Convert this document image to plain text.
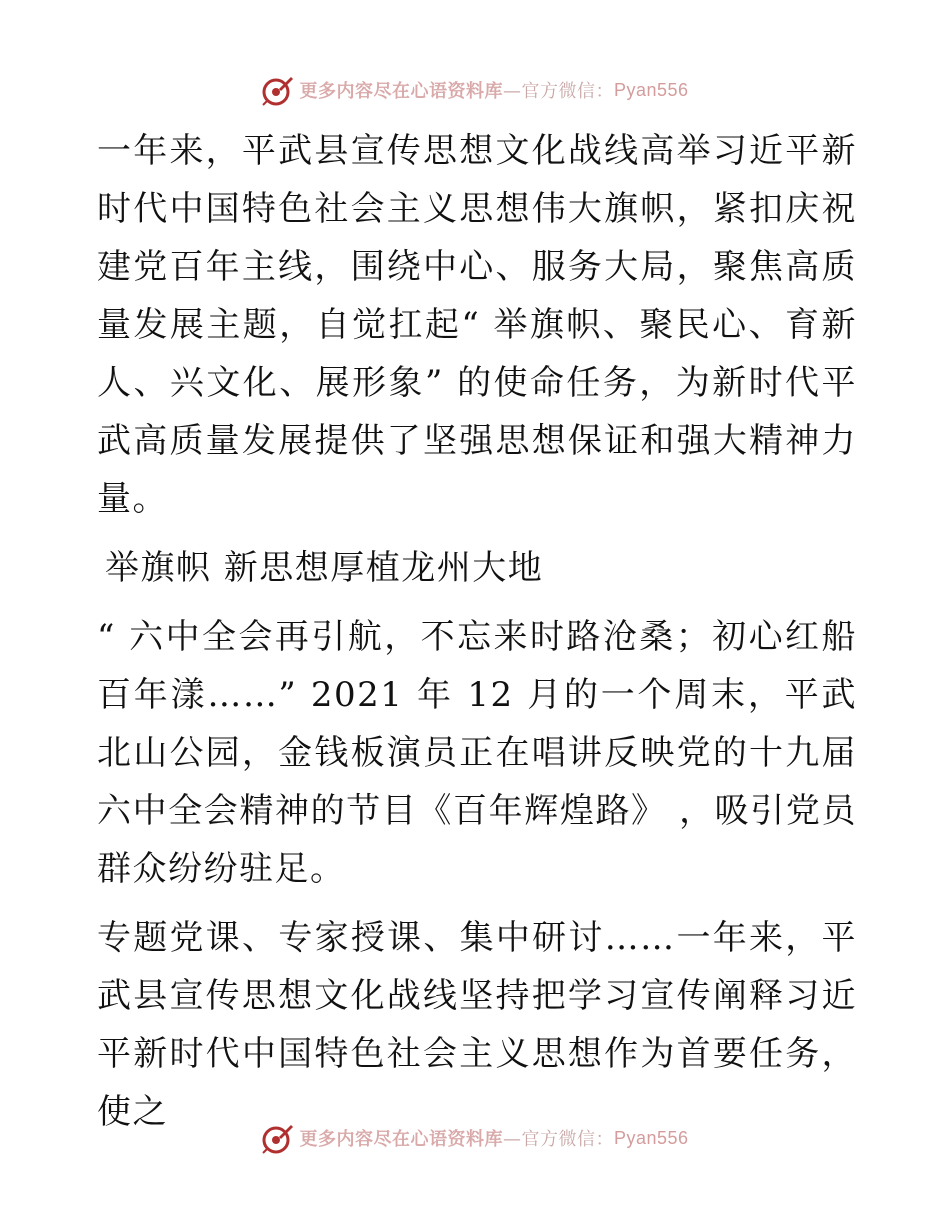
更多内容尽在心语资料库 —官方微信： Pyan556

一年来，平武县宣传思想文化战线高举习近平新时代中国特色社会主义思想伟大旗帜，紧扣庆祝建党百年主线，围绕中心、服务大局，聚焦高质量发展主题，自觉扛起“ 举旗帜、聚民心、育新人、兴文化、展形象” 的使命任务，为新时代平武高质量发展提供了坚强思想保证和强大精神力量。

举旗帜 新思想厚植龙州大地

“ 六中全会再引航，不忘来时路沧桑；初心红船百年漾……” 2021 年 12 月的一个周末，平武北山公园，金钱板演员正在唱讲反映党的十九届六中全会精神的节目《百年辉煌路》 ，吸引党员群众纷纷驻足。

专题党课、专家授课、集中研讨……一年来，平武县宣传思想文化战线坚持把学习宣传阐释习近平新时代中国特色社会主义思想作为首要任务，使之

更多内容尽在心语资料库 —官方微信： Pyan556
